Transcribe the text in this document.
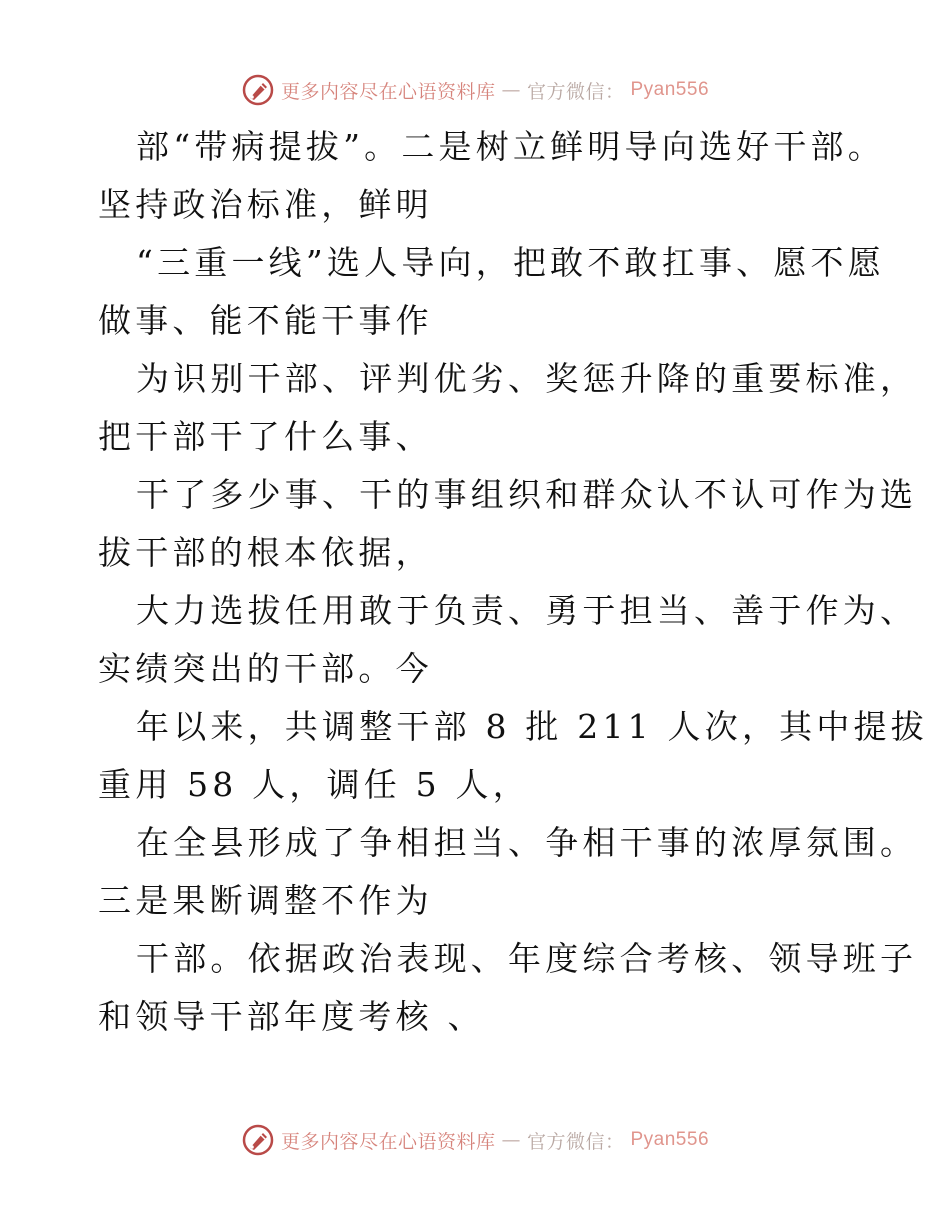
更多内容尽在心语资料库 — 官方微信： Pyan556
部“带病提拔”。二是树立鲜明导向选好干部。
坚持政治标准，鲜明
“三重一线”选人导向，把敢不敢扛事、愿不愿
做事、能不能干事作
为识别干部、评判优劣、奖惩升降的重要标准，
把干部干了什么事、
干了多少事、干的事组织和群众认不认可作为选
拔干部的根本依据，
大力选拔任用敢于负责、勇于担当、善于作为、
实绩突出的干部。今
年以来，共调整干部 8 批 211 人次，其中提拔
重用 58 人，调任 5 人，
在全县形成了争相担当、争相干事的浓厚氛围。
三是果断调整不作为
干部。依据政治表现、年度综合考核、领导班子
和领导干部年度考核 、
更多内容尽在心语资料库 — 官方微信： Pyan556
